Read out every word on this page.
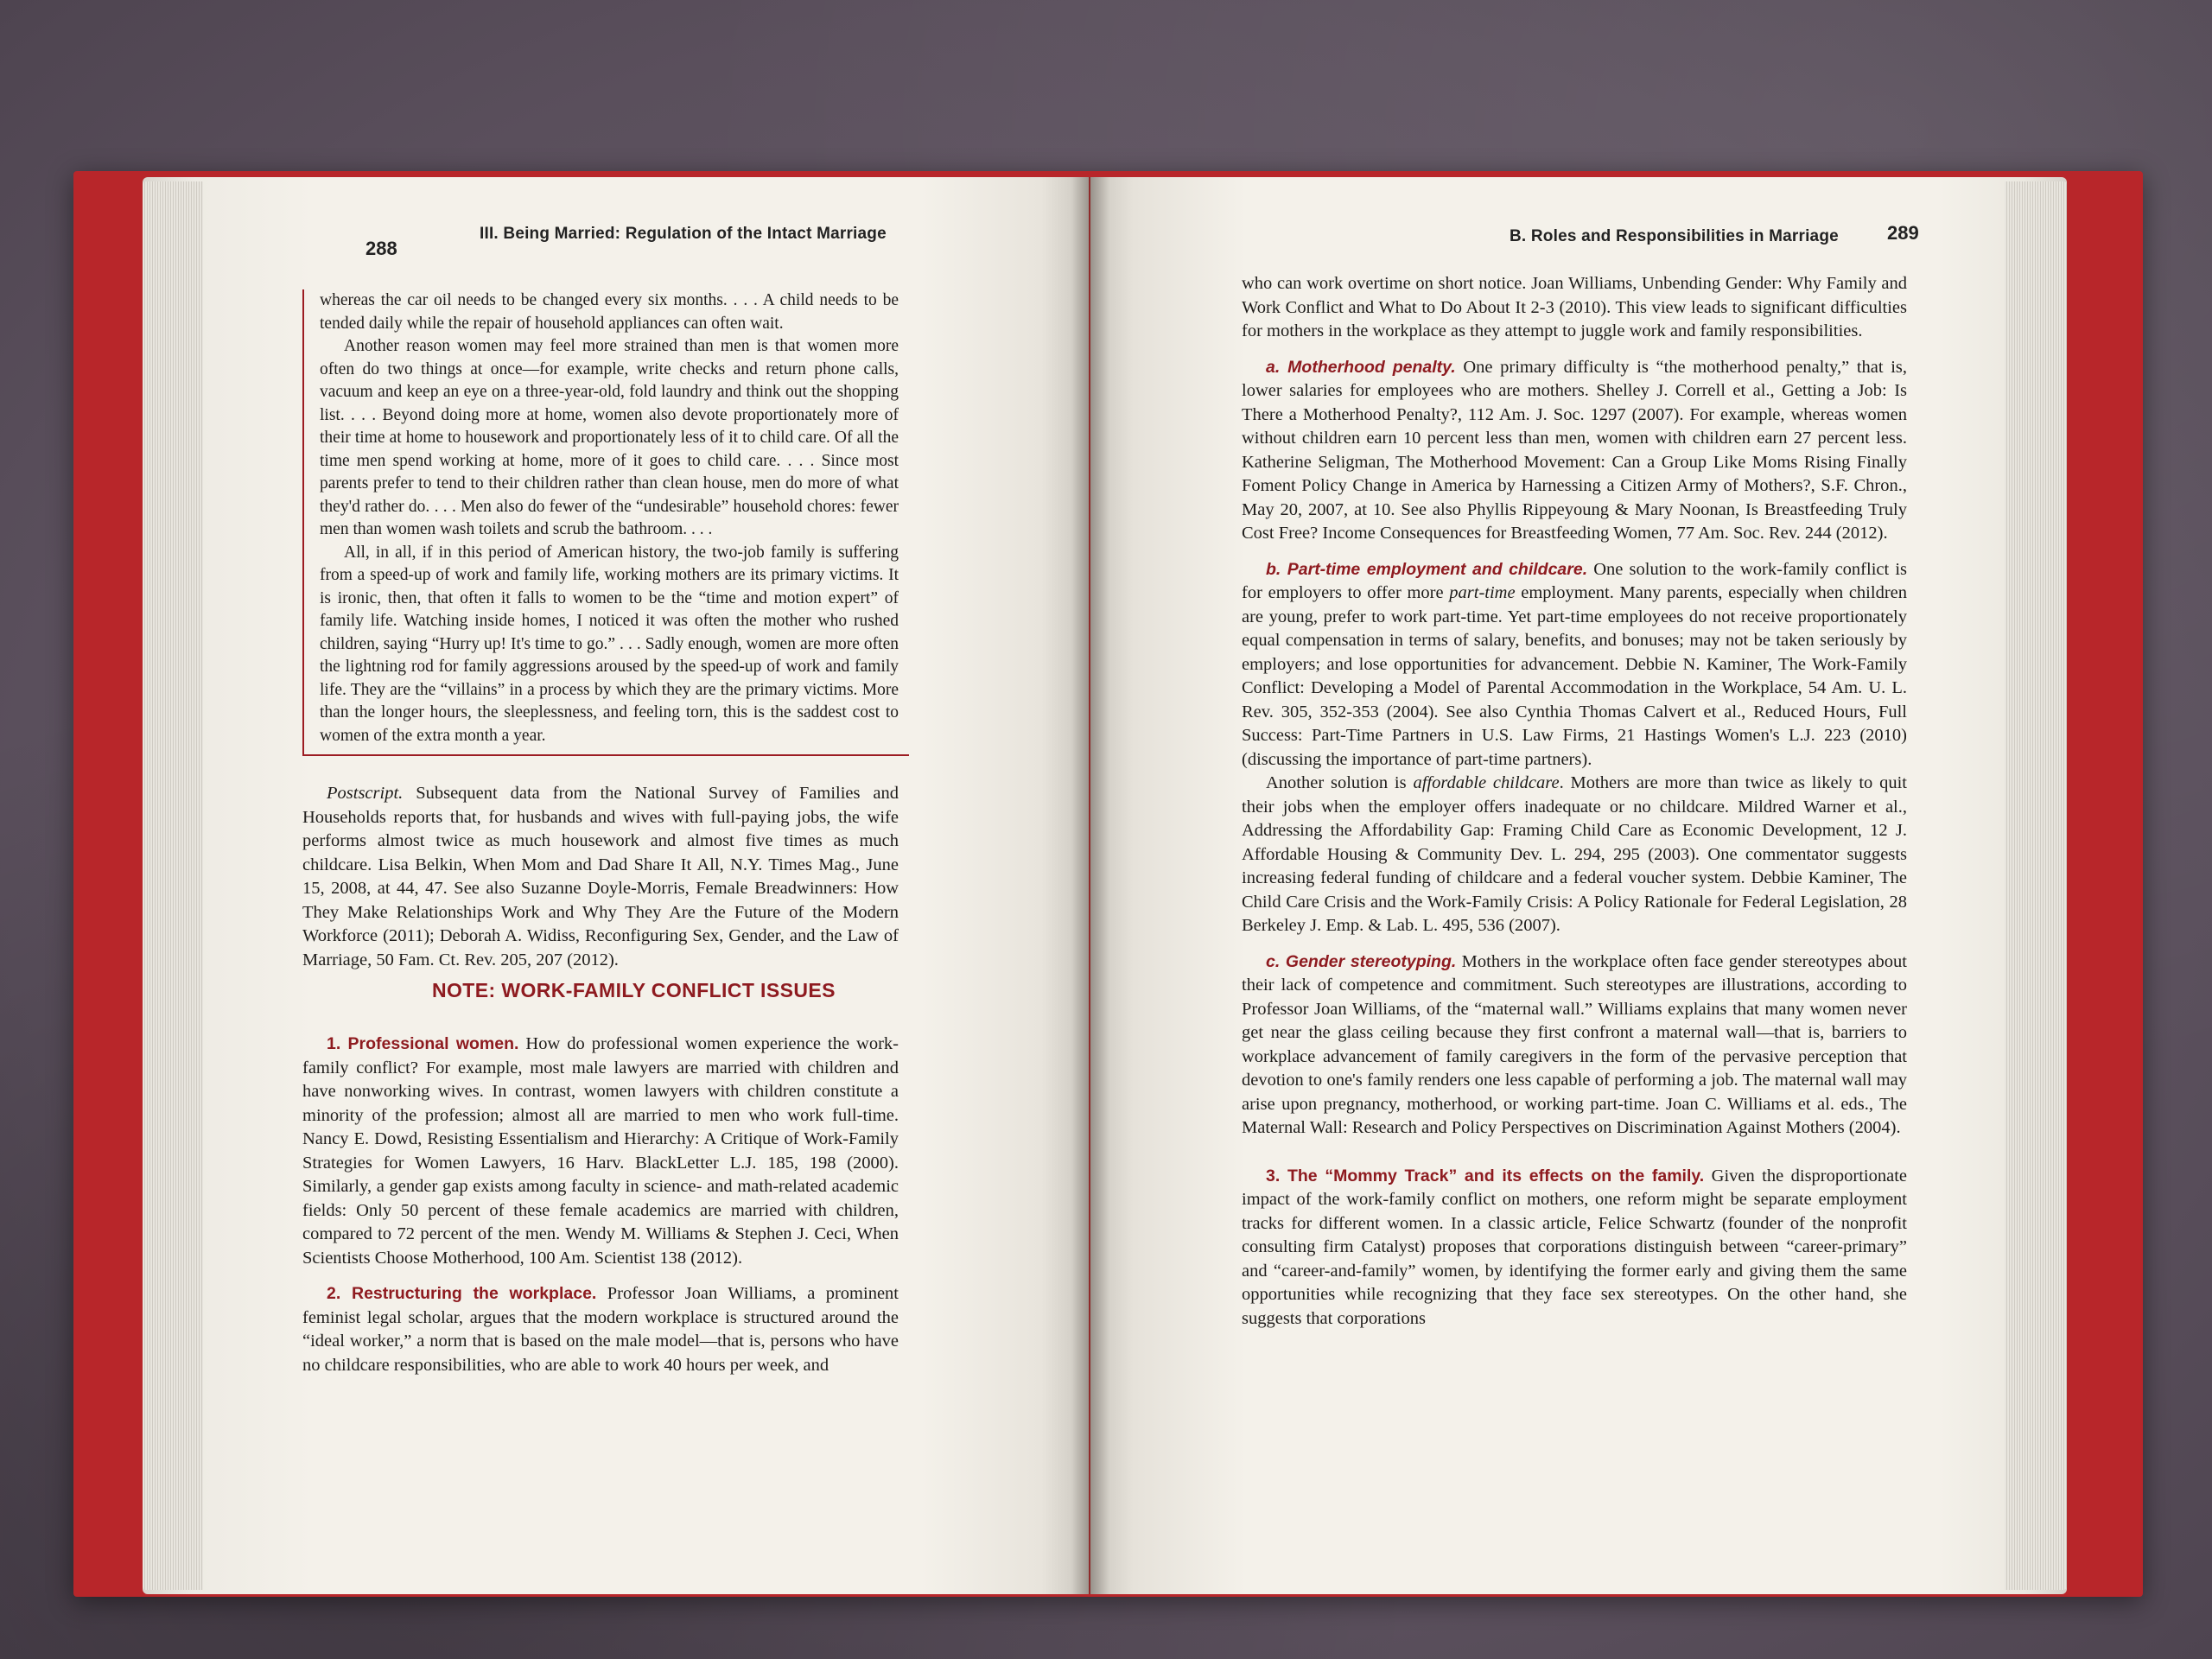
288
III. Being Married: Regulation of the Intact Marriage

whereas the car oil needs to be changed every six months. . . . A child needs to be tended daily while the repair of household appliances can often wait.

Another reason women may feel more strained than men is that women more often do two things at once—for example, write checks and return phone calls, vacuum and keep an eye on a three-year-old, fold laundry and think out the shopping list. . . . Beyond doing more at home, women also devote proportionately more of their time at home to housework and proportionately less of it to child care. Of all the time men spend working at home, more of it goes to child care. . . . Since most parents prefer to tend to their children rather than clean house, men do more of what they'd rather do. . . . Men also do fewer of the “undesirable” household chores: fewer men than women wash toilets and scrub the bathroom. . . .

All, in all, if in this period of American history, the two-job family is suffering from a speed-up of work and family life, working mothers are its primary victims. It is ironic, then, that often it falls to women to be the “time and motion expert” of family life. Watching inside homes, I noticed it was often the mother who rushed children, saying “Hurry up! It's time to go.” . . . Sadly enough, women are more often the lightning rod for family aggressions aroused by the speed-up of work and family life. They are the “villains” in a process by which they are the primary victims. More than the longer hours, the sleeplessness, and feeling torn, this is the saddest cost to women of the extra month a year.

Postscript. Subsequent data from the National Survey of Families and Households reports that, for husbands and wives with full-paying jobs, the wife performs almost twice as much housework and almost five times as much childcare. Lisa Belkin, When Mom and Dad Share It All, N.Y. Times Mag., June 15, 2008, at 44, 47. See also Suzanne Doyle-Morris, Female Breadwinners: How They Make Relationships Work and Why They Are the Future of the Modern Workforce (2011); Deborah A. Widiss, Reconfiguring Sex, Gender, and the Law of Marriage, 50 Fam. Ct. Rev. 205, 207 (2012).

NOTE: WORK-FAMILY CONFLICT ISSUES

1. Professional women. How do professional women experience the work-family conflict? For example, most male lawyers are married with children and have nonworking wives. In contrast, women lawyers with children constitute a minority of the profession; almost all are married to men who work full-time. Nancy E. Dowd, Resisting Essentialism and Hierarchy: A Critique of Work-Family Strategies for Women Lawyers, 16 Harv. BlackLetter L.J. 185, 198 (2000). Similarly, a gender gap exists among faculty in science- and math-related academic fields: Only 50 percent of these female academics are married with children, compared to 72 percent of the men. Wendy M. Williams & Stephen J. Ceci, When Scientists Choose Motherhood, 100 Am. Scientist 138 (2012).

2. Restructuring the workplace. Professor Joan Williams, a prominent feminist legal scholar, argues that the modern workplace is structured around the “ideal worker,” a norm that is based on the male model—that is, persons who have no childcare responsibilities, who are able to work 40 hours per week, and

B. Roles and Responsibilities in Marriage	289

who can work overtime on short notice. Joan Williams, Unbending Gender: Why Family and Work Conflict and What to Do About It 2-3 (2010). This view leads to significant difficulties for mothers in the workplace as they attempt to juggle work and family responsibilities.

a. Motherhood penalty. One primary difficulty is “the motherhood penalty,” that is, lower salaries for employees who are mothers. Shelley J. Correll et al., Getting a Job: Is There a Motherhood Penalty?, 112 Am. J. Soc. 1297 (2007). For example, whereas women without children earn 10 percent less than men, women with children earn 27 percent less. Katherine Seligman, The Motherhood Movement: Can a Group Like Moms Rising Finally Foment Policy Change in America by Harnessing a Citizen Army of Mothers?, S.F. Chron., May 20, 2007, at 10. See also Phyllis Rippeyoung & Mary Noonan, Is Breastfeeding Truly Cost Free? Income Consequences for Breastfeeding Women, 77 Am. Soc. Rev. 244 (2012).

b. Part-time employment and childcare. One solution to the work-family conflict is for employers to offer more part-time employment. Many parents, especially when children are young, prefer to work part-time. Yet part-time employees do not receive proportionately equal compensation in terms of salary, benefits, and bonuses; may not be taken seriously by employers; and lose opportunities for advancement. Debbie N. Kaminer, The Work-Family Conflict: Developing a Model of Parental Accommodation in the Workplace, 54 Am. U. L. Rev. 305, 352-353 (2004). See also Cynthia Thomas Calvert et al., Reduced Hours, Full Success: Part-Time Partners in U.S. Law Firms, 21 Hastings Women's L.J. 223 (2010) (discussing the importance of part-time partners).

Another solution is affordable childcare. Mothers are more than twice as likely to quit their jobs when the employer offers inadequate or no childcare. Mildred Warner et al., Addressing the Affordability Gap: Framing Child Care as Economic Development, 12 J. Affordable Housing & Community Dev. L. 294, 295 (2003). One commentator suggests increasing federal funding of childcare and a federal voucher system. Debbie Kaminer, The Child Care Crisis and the Work-Family Crisis: A Policy Rationale for Federal Legislation, 28 Berkeley J. Emp. & Lab. L. 495, 536 (2007).

c. Gender stereotyping. Mothers in the workplace often face gender stereotypes about their lack of competence and commitment. Such stereotypes are illustrations, according to Professor Joan Williams, of the “maternal wall.” Williams explains that many women never get near the glass ceiling because they first confront a maternal wall—that is, barriers to workplace advancement of family caregivers in the form of the pervasive perception that devotion to one's family renders one less capable of performing a job. The maternal wall may arise upon pregnancy, motherhood, or working part-time. Joan C. Williams et al. eds., The Maternal Wall: Research and Policy Perspectives on Discrimination Against Mothers (2004).

3. The “Mommy Track” and its effects on the family. Given the disproportionate impact of the work-family conflict on mothers, one reform might be separate employment tracks for different women. In a classic article, Felice Schwartz (founder of the nonprofit consulting firm Catalyst) proposes that corporations distinguish between “career-primary” and “career-and-family” women, by identifying the former early and giving them the same opportunities while recognizing that they face sex stereotypes. On the other hand, she suggests that corporations
